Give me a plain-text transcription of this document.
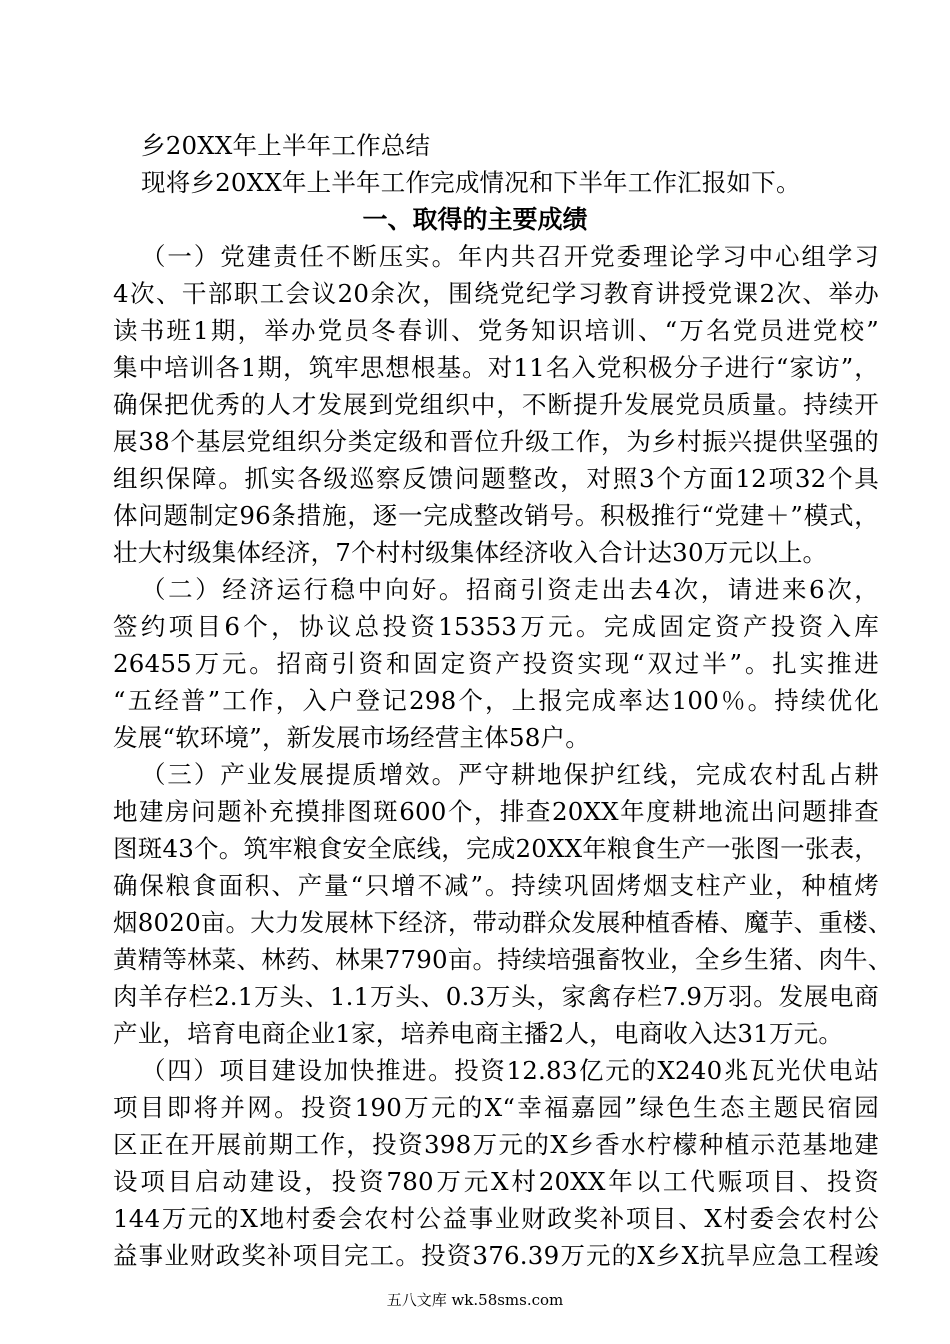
乡20XX年上半年工作总结
现将乡20XX年上半年工作完成情况和下半年工作汇报如下。
一、取得的主要成绩
（一）党建责任不断压实。年内共召开党委理论学习中心组学习
4次、干部职工会议20余次，围绕党纪学习教育讲授党课2次、举办
读书班1期，举办党员冬春训、党务知识培训、“万名党员进党校”
集中培训各1期，筑牢思想根基。对11名入党积极分子进行“家访”，
确保把优秀的人才发展到党组织中，不断提升发展党员质量。持续开
展38个基层党组织分类定级和晋位升级工作，为乡村振兴提供坚强的
组织保障。抓实各级巡察反馈问题整改，对照3个方面12项32个具
体问题制定96条措施，逐一完成整改销号。积极推行“党建＋”模式，
壮大村级集体经济，7个村村级集体经济收入合计达30万元以上。
（二）经济运行稳中向好。招商引资走出去4次，请进来6次，
签约项目6个，协议总投资15353万元。完成固定资产投资入库
26455万元。招商引资和固定资产投资实现“双过半”。扎实推进
“五经普”工作，入户登记298个，上报完成率达100％。持续优化
发展“软环境”，新发展市场经营主体58户。
（三）产业发展提质增效。严守耕地保护红线，完成农村乱占耕
地建房问题补充摸排图斑600个，排查20XX年度耕地流出问题排查
图斑43个。筑牢粮食安全底线，完成20XX年粮食生产一张图一张表，
确保粮食面积、产量“只增不减”。持续巩固烤烟支柱产业，种植烤
烟8020亩。大力发展林下经济，带动群众发展种植香椿、魔芋、重楼、
黄精等林菜、林药、林果7790亩。持续培强畜牧业，全乡生猪、肉牛、
肉羊存栏2.1万头、1.1万头、0.3万头，家禽存栏7.9万羽。发展电商
产业，培育电商企业1家，培养电商主播2人，电商收入达31万元。
（四）项目建设加快推进。投资12.83亿元的X240兆瓦光伏电站
项目即将并网。投资190万元的X“幸福嘉园”绿色生态主题民宿园
区正在开展前期工作，投资398万元的X乡香水柠檬种植示范基地建
设项目启动建设，投资780万元X村20XX年以工代赈项目、投资
144万元的X地村委会农村公益事业财政奖补项目、X村委会农村公
益事业财政奖补项目完工。投资376.39万元的X乡X抗旱应急工程竣
五八文库 wk.58sms.com
